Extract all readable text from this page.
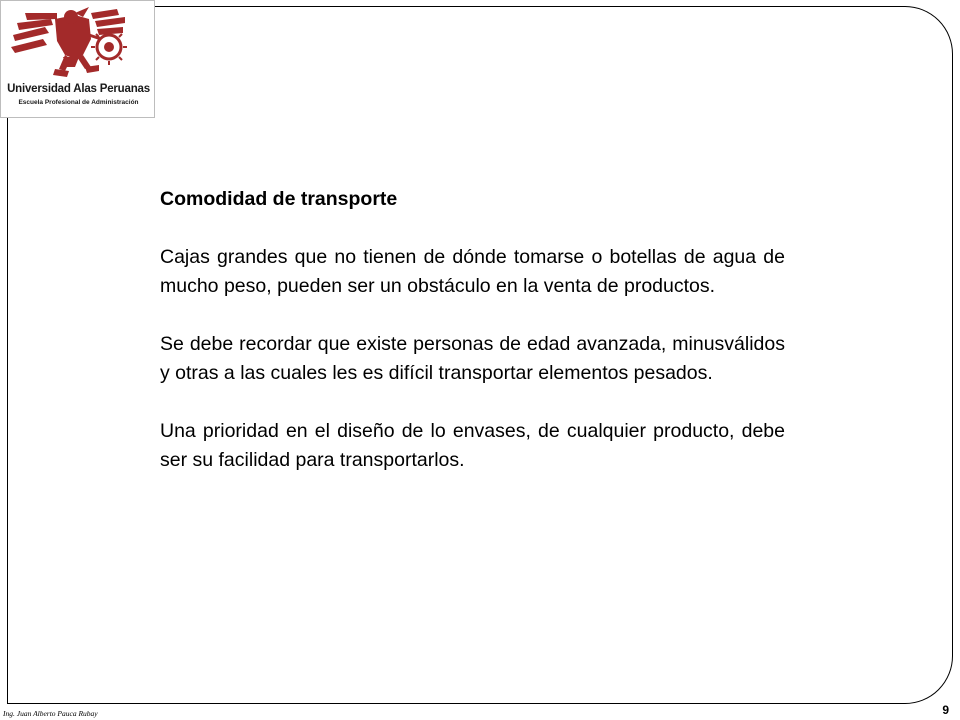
Universidad Alas Peruanas
Escuela Profesional de Administración
Comodidad de transporte

Cajas grandes que no tienen de dónde tomarse o botellas de agua de mucho peso, pueden ser un obstáculo en la venta de productos.

Se debe recordar que existe personas de edad avanzada, minusválidos y otras a las cuales les es difícil transportar elementos pesados.

Una prioridad en el diseño de lo envases, de cualquier producto, debe ser su facilidad para transportarlos.

Ing. Juan Alberto Pauca Rubay	9
